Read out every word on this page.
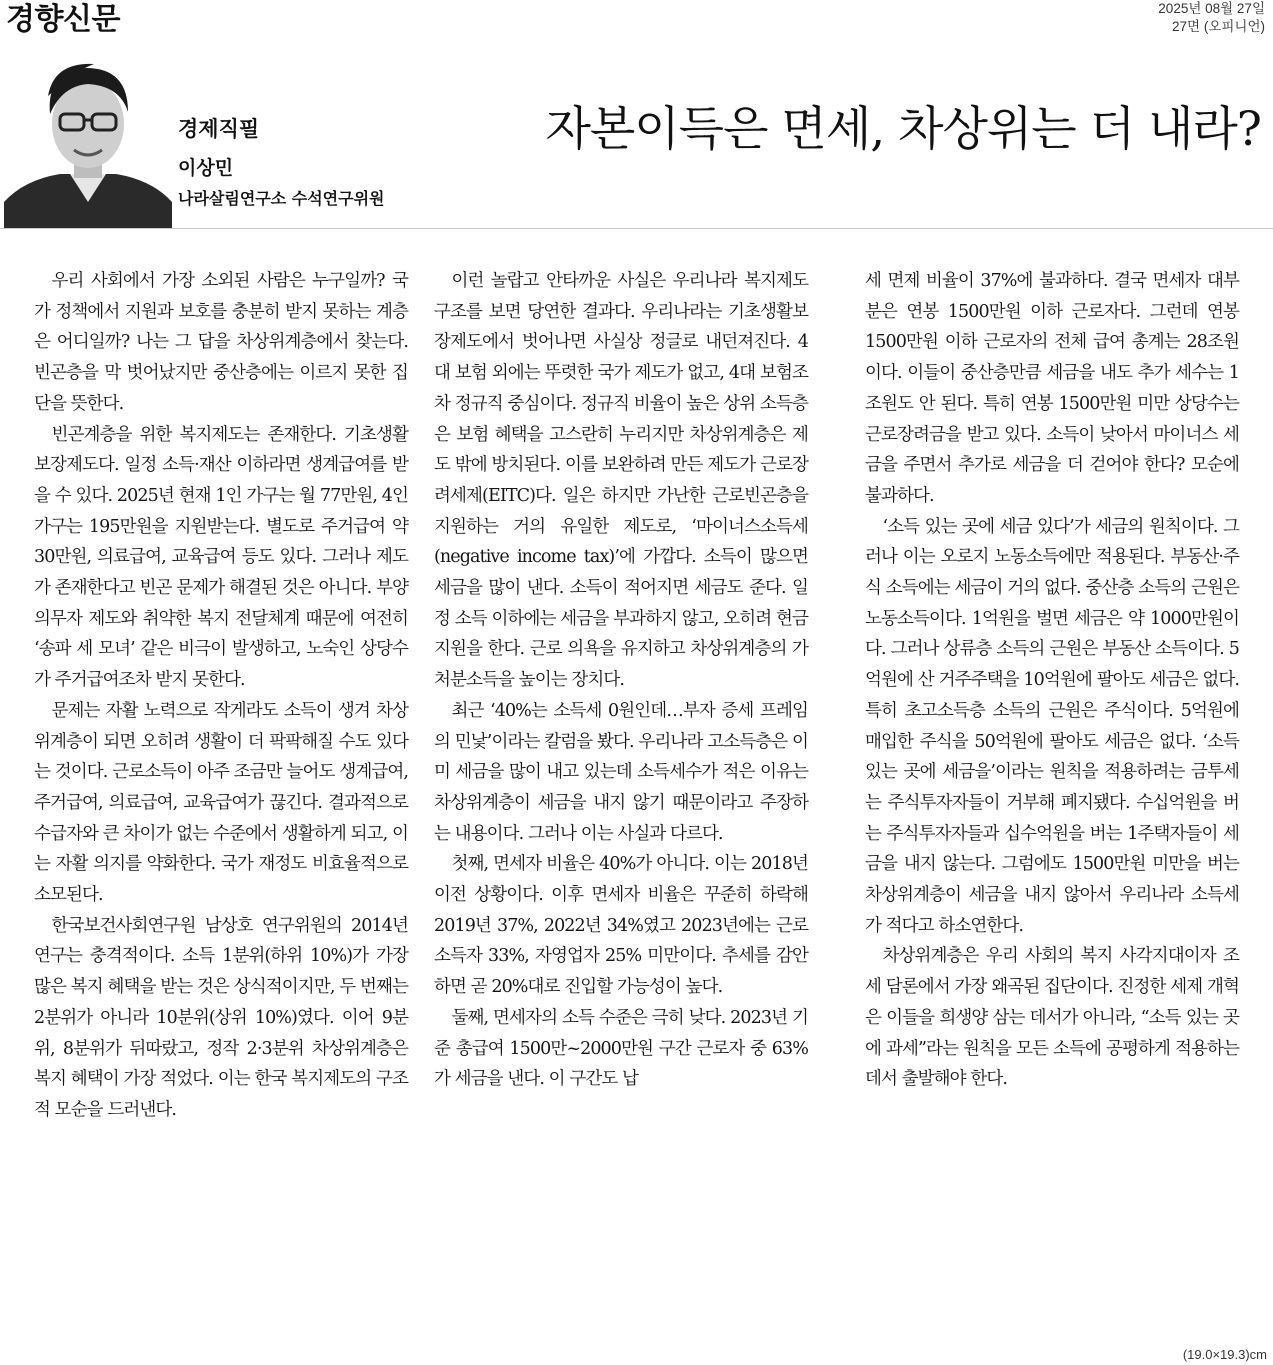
경향신문	2025년 08월 27일
27면 (오피니언)
경제직필
이상민
나라살림연구소 수석연구위원
자본이득은 면세, 차상위는 더 내라?

우리 사회에서 가장 소외된 사람은 누구일까? 국가 정책에서 지원과 보호를 충분히 받지 못하는 계층은 어디일까? 나는 그 답을 차상위계층에서 찾는다. 빈곤층을 막 벗어났지만 중산층에는 이르지 못한 집단을 뜻한다.

빈곤계층을 위한 복지제도는 존재한다. 기초생활보장제도다. 일정 소득·재산 이하라면 생계급여를 받을 수 있다. 2025년 현재 1인 가구는 월 77만원, 4인 가구는 195만원을 지원받는다. 별도로 주거급여 약 30만원, 의료급여, 교육급여 등도 있다. 그러나 제도가 존재한다고 빈곤 문제가 해결된 것은 아니다. 부양의무자 제도와 취약한 복지 전달체계 때문에 여전히 ‘송파 세 모녀’ 같은 비극이 발생하고, 노숙인 상당수가 주거급여조차 받지 못한다.

문제는 자활 노력으로 작게라도 소득이 생겨 차상위계층이 되면 오히려 생활이 더 팍팍해질 수도 있다는 것이다. 근로소득이 아주 조금만 늘어도 생계급여, 주거급여, 의료급여, 교육급여가 끊긴다. 결과적으로 수급자와 큰 차이가 없는 수준에서 생활하게 되고, 이는 자활 의지를 약화한다. 국가 재정도 비효율적으로 소모된다.

한국보건사회연구원 남상호 연구위원의 2014년 연구는 충격적이다. 소득 1분위(하위 10%)가 가장 많은 복지 혜택을 받는 것은 상식적이지만, 두 번째는 2분위가 아니라 10분위(상위 10%)였다. 이어 9분위, 8분위가 뒤따랐고, 정작 2·3분위 차상위계층은 복지 혜택이 가장 적었다. 이는 한국 복지제도의 구조적 모순을 드러낸다.

이런 놀랍고 안타까운 사실은 우리나라 복지제도 구조를 보면 당연한 결과다. 우리나라는 기초생활보장제도에서 벗어나면 사실상 정글로 내던져진다. 4대 보험 외에는 뚜렷한 국가 제도가 없고, 4대 보험조차 정규직 중심이다. 정규직 비율이 높은 상위 소득층은 보험 혜택을 고스란히 누리지만 차상위계층은 제도 밖에 방치된다. 이를 보완하려 만든 제도가 근로장려세제(EITC)다. 일은 하지만 가난한 근로빈곤층을 지원하는 거의 유일한 제도로, ‘마이너스소득세(negative income tax)’에 가깝다. 소득이 많으면 세금을 많이 낸다. 소득이 적어지면 세금도 준다. 일정 소득 이하에는 세금을 부과하지 않고, 오히려 현금 지원을 한다. 근로 의욕을 유지하고 차상위계층의 가처분소득을 높이는 장치다.

최근 ‘40%는 소득세 0원인데…부자 증세 프레임의 민낯’이라는 칼럼을 봤다. 우리나라 고소득층은 이미 세금을 많이 내고 있는데 소득세수가 적은 이유는 차상위계층이 세금을 내지 않기 때문이라고 주장하는 내용이다. 그러나 이는 사실과 다르다.

첫째, 면세자 비율은 40%가 아니다. 이는 2018년 이전 상황이다. 이후 면세자 비율은 꾸준히 하락해 2019년 37%, 2022년 34%였고 2023년에는 근로소득자 33%, 자영업자 25% 미만이다. 추세를 감안하면 곧 20%대로 진입할 가능성이 높다.

둘째, 면세자의 소득 수준은 극히 낮다. 2023년 기준 총급여 1500만~2000만원 구간 근로자 중 63%가 세금을 낸다. 이 구간도 납

세 면제 비율이 37%에 불과하다. 결국 면세자 대부분은 연봉 1500만원 이하 근로자다. 그런데 연봉 1500만원 이하 근로자의 전체 급여 총계는 28조원이다. 이들이 중산층만큼 세금을 내도 추가 세수는 1조원도 안 된다. 특히 연봉 1500만원 미만 상당수는 근로장려금을 받고 있다. 소득이 낮아서 마이너스 세금을 주면서 추가로 세금을 더 걷어야 한다? 모순에 불과하다.

‘소득 있는 곳에 세금 있다’가 세금의 원칙이다. 그러나 이는 오로지 노동소득에만 적용된다. 부동산·주식 소득에는 세금이 거의 없다. 중산층 소득의 근원은 노동소득이다. 1억원을 벌면 세금은 약 1000만원이다. 그러나 상류층 소득의 근원은 부동산 소득이다. 5억원에 산 거주주택을 10억원에 팔아도 세금은 없다. 특히 초고소득층 소득의 근원은 주식이다. 5억원에 매입한 주식을 50억원에 팔아도 세금은 없다. ‘소득 있는 곳에 세금을’이라는 원칙을 적용하려는 금투세는 주식투자자들이 거부해 폐지됐다. 수십억원을 버는 주식투자자들과 십수억원을 버는 1주택자들이 세금을 내지 않는다. 그럼에도 1500만원 미만을 버는 차상위계층이 세금을 내지 않아서 우리나라 소득세가 적다고 하소연한다.

차상위계층은 우리 사회의 복지 사각지대이자 조세 담론에서 가장 왜곡된 집단이다. 진정한 세제 개혁은 이들을 희생양 삼는 데서가 아니라, “소득 있는 곳에 과세”라는 원칙을 모든 소득에 공평하게 적용하는 데서 출발해야 한다.

(19.0×19.3)cm
